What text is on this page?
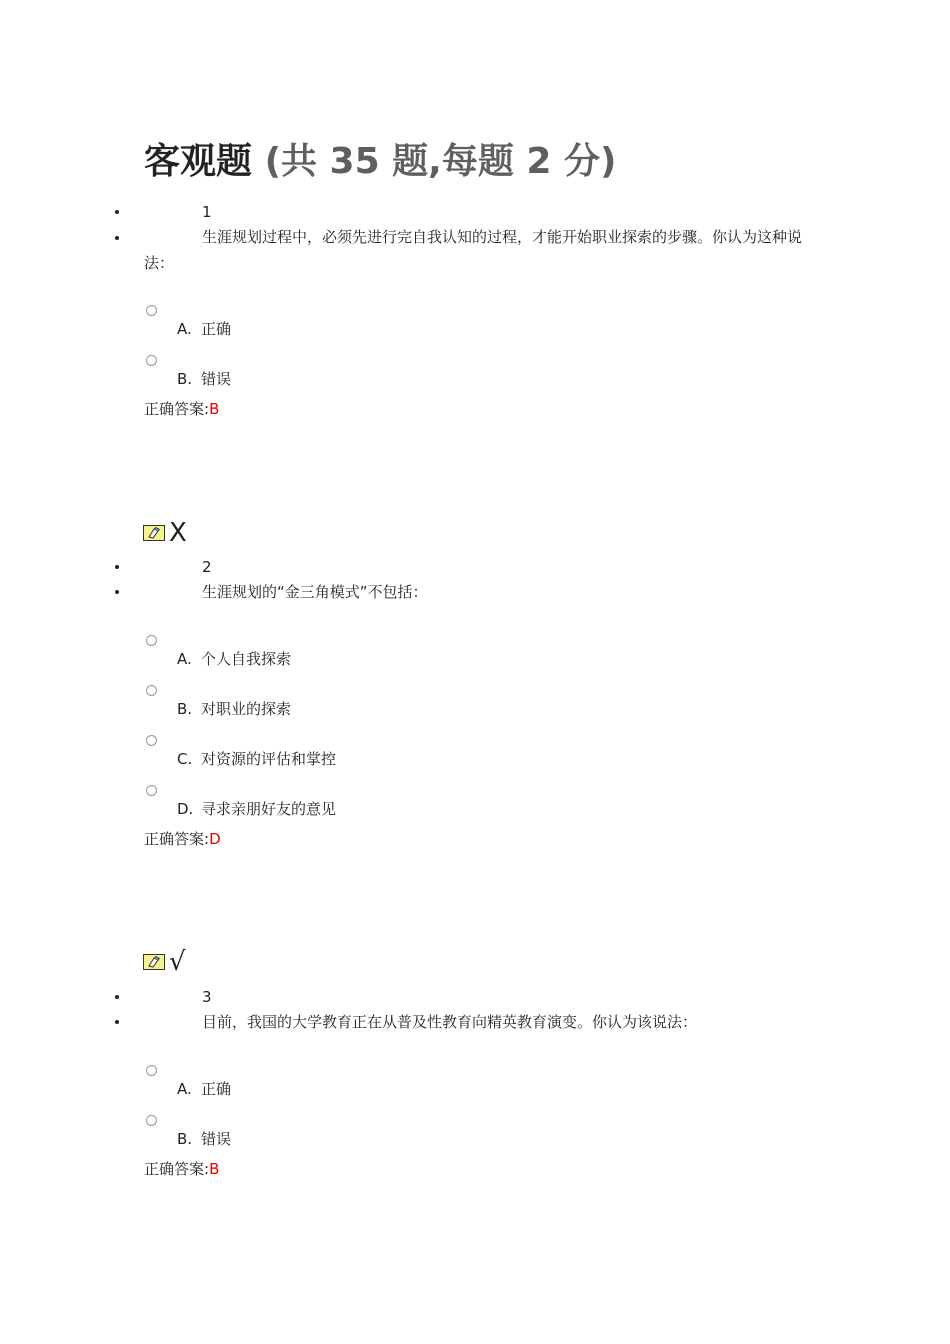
客观题 (共 35 题,每题 2 分)
1
生涯规划过程中，必须先进行完自我认知的过程，才能开始职业探索的步骤。你认为这种说法：
A. 正确
B. 错误
正确答案:B
X
2
生涯规划的“金三角模式”不包括：
A. 个人自我探索
B. 对职业的探索
C. 对资源的评估和掌控
D. 寻求亲朋好友的意见
正确答案:D
√
3
目前，我国的大学教育正在从普及性教育向精英教育演变。你认为该说法：
A. 正确
B. 错误
正确答案:B
